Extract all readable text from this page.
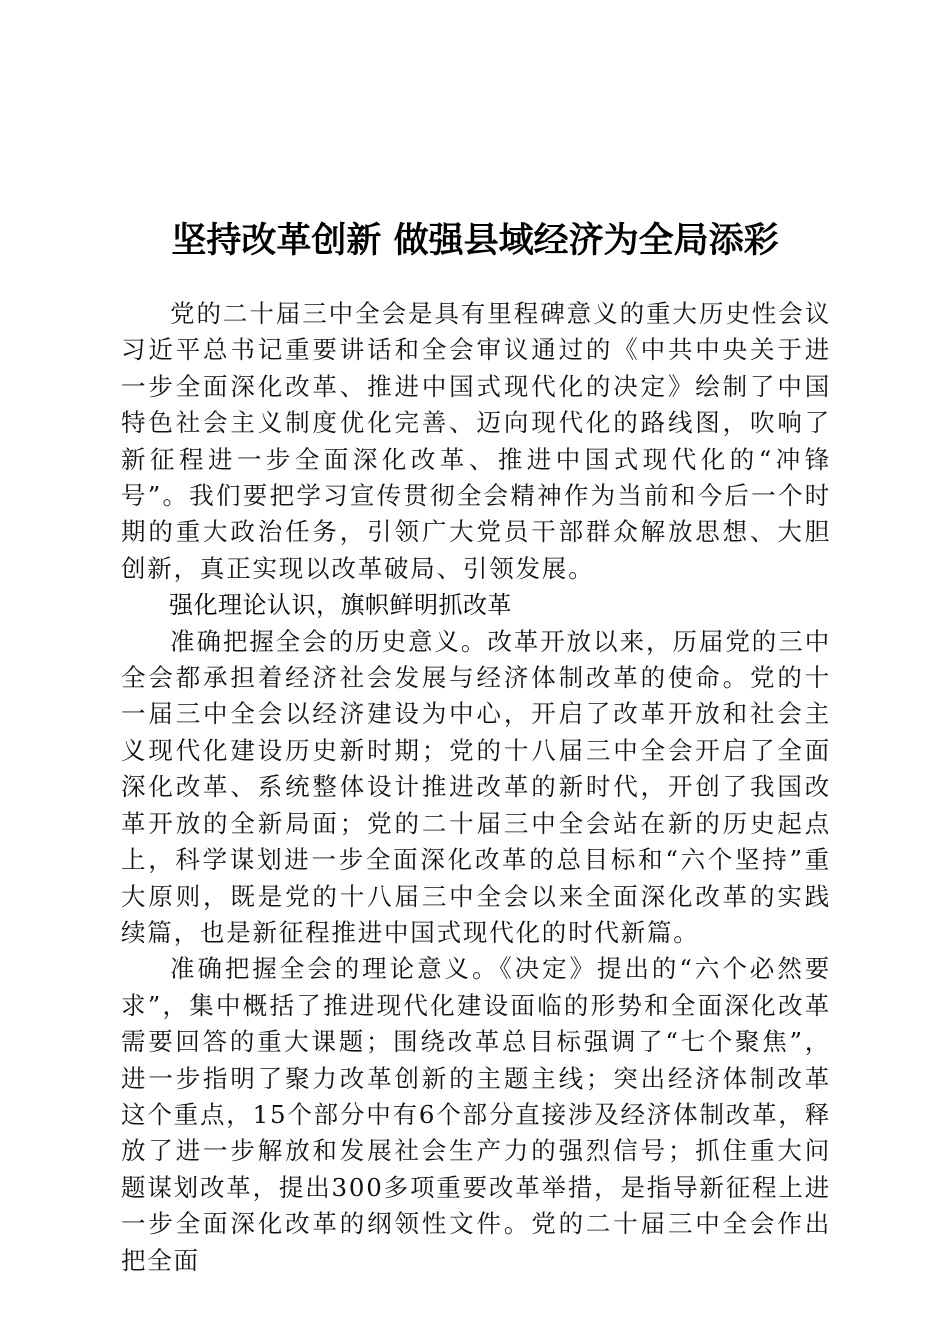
坚持改革创新 做强县域经济为全局添彩

党的二十届三中全会是具有里程碑意义的重大历史性会议习近平总书记重要讲话和全会审议通过的《中共中央关于进一步全面深化改革、推进中国式现代化的决定》绘制了中国特色社会主义制度优化完善、迈向现代化的路线图，吹响了新征程进一步全面深化改革、推进中国式现代化的“冲锋号”。我们要把学习宣传贯彻全会精神作为当前和今后一个时期的重大政治任务，引领广大党员干部群众解放思想、大胆创新，真正实现以改革破局、引领发展。

强化理论认识，旗帜鲜明抓改革

准确把握全会的历史意义。改革开放以来，历届党的三中全会都承担着经济社会发展与经济体制改革的使命。党的十一届三中全会以经济建设为中心，开启了改革开放和社会主义现代化建设历史新时期；党的十八届三中全会开启了全面深化改革、系统整体设计推进改革的新时代，开创了我国改革开放的全新局面；党的二十届三中全会站在新的历史起点上，科学谋划进一步全面深化改革的总目标和“六个坚持”重大原则，既是党的十八届三中全会以来全面深化改革的实践续篇，也是新征程推进中国式现代化的时代新篇。

准确把握全会的理论意义。《决定》提出的“六个必然要求”，集中概括了推进现代化建设面临的形势和全面深化改革需要回答的重大课题；围绕改革总目标强调了“七个聚焦”，进一步指明了聚力改革创新的主题主线；突出经济体制改革这个重点，15个部分中有6个部分直接涉及经济体制改革，释放了进一步解放和发展社会生产力的强烈信号；抓住重大问题谋划改革，提出300多项重要改革举措，是指导新征程上进一步全面深化改革的纲领性文件。党的二十届三中全会作出把全面
